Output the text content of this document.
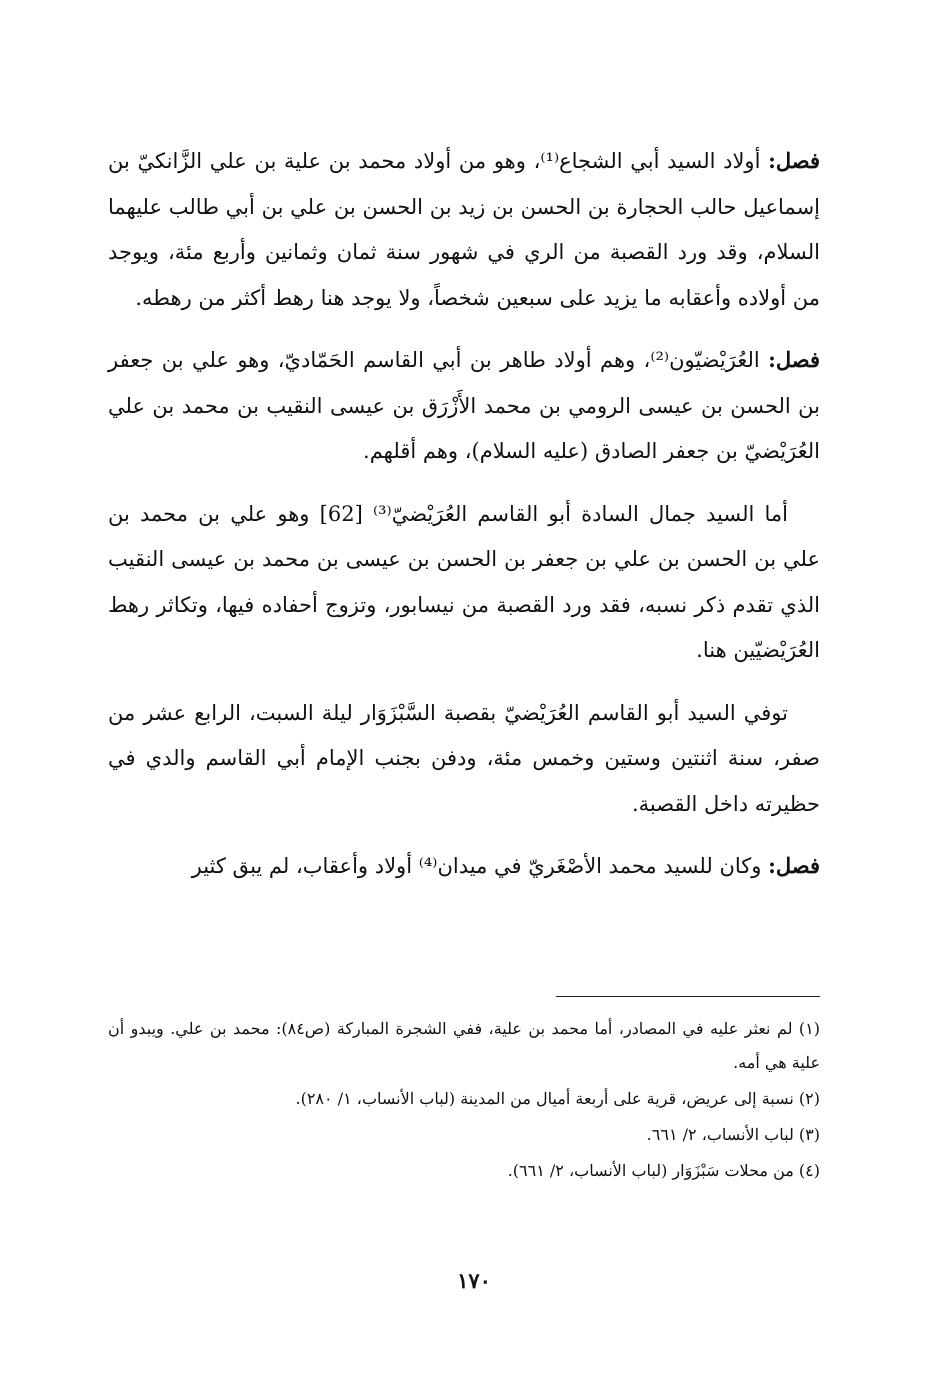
فصل: أولاد السيد أبي الشجاع⁽¹⁾، وهو من أولاد محمد بن علية بن علي الزَّانكيّ بن إسماعيل حالب الحجارة بن الحسن بن زيد بن الحسن بن علي بن أبي طالب عليهما السلام، وقد ورد القصبة من الري في شهور سنة ثمان وثمانين وأربع مئة، ويوجد من أولاده وأعقابه ما يزيد على سبعين شخصاً، ولا يوجد هنا رهط أكثر من رهطه.

فصل: العُرَيْضيّون⁽²⁾، وهم أولاد طاهر بن أبي القاسم الحَمّاديّ، وهو علي بن جعفر بن الحسن بن عيسى الرومي بن محمد الأَزْرَق بن عيسى النقيب بن محمد بن علي العُرَيْضيّ بن جعفر الصادق (عليه السلام)، وهم أقلهم.

أما السيد جمال السادة أبو القاسم العُرَيْضيّ⁽³⁾ [62] وهو علي بن محمد بن علي بن الحسن بن علي بن جعفر بن الحسن بن عيسى بن محمد بن عيسى النقيب الذي تقدم ذكر نسبه، فقد ورد القصبة من نيسابور، وتزوج أحفاده فيها، وتكاثر رهط العُرَيْضيّين هنا.

توفي السيد أبو القاسم العُرَيْضيّ بقصبة السَّبْزَوَار ليلة السبت، الرابع عشر من صفر، سنة اثنتين وستين وخمس مئة، ودفن بجنب الإمام أبي القاسم والدي في حظيرته داخل القصبة.

فصل: وكان للسيد محمد الأصْغَريّ في ميدان⁽⁴⁾ أولاد وأعقاب، لم يبق كثير

(١) لم نعثر عليه في المصادر، أما محمد بن علية، ففي الشجرة المباركة (ص٨٤): محمد بن علي. ويبدو أن علية هي أمه.

(٢) نسبة إلى عريض، قرية على أربعة أميال من المدينة (لباب الأنساب، ١/ ٢٨٠).

(٣) لباب الأنساب، ٢/ ٦٦١.

(٤) من محلات سَبْزَوَار (لباب الأنساب، ٢/ ٦٦١).

١٧٠
